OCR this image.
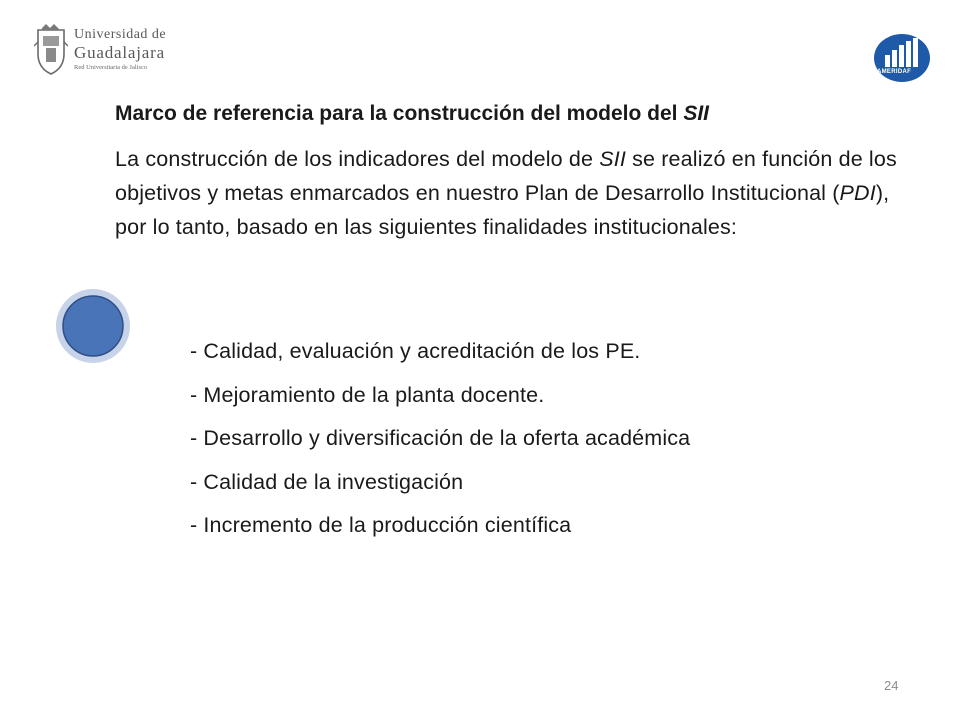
Universidad de
Guadalajara
Red Universitaria de Jalisco
AMERIDAF
Marco de referencia para la construcción del modelo del SII
La construcción de los indicadores del modelo de SII se realizó en función de los objetivos y metas enmarcados en nuestro Plan de Desarrollo Institucional (PDI), por lo tanto, basado en las siguientes finalidades institucionales:
- Calidad, evaluación y acreditación de los PE.
- Mejoramiento de la planta docente.
- Desarrollo y diversificación de la oferta académica
- Calidad de la investigación
- Incremento de la producción científica
24
